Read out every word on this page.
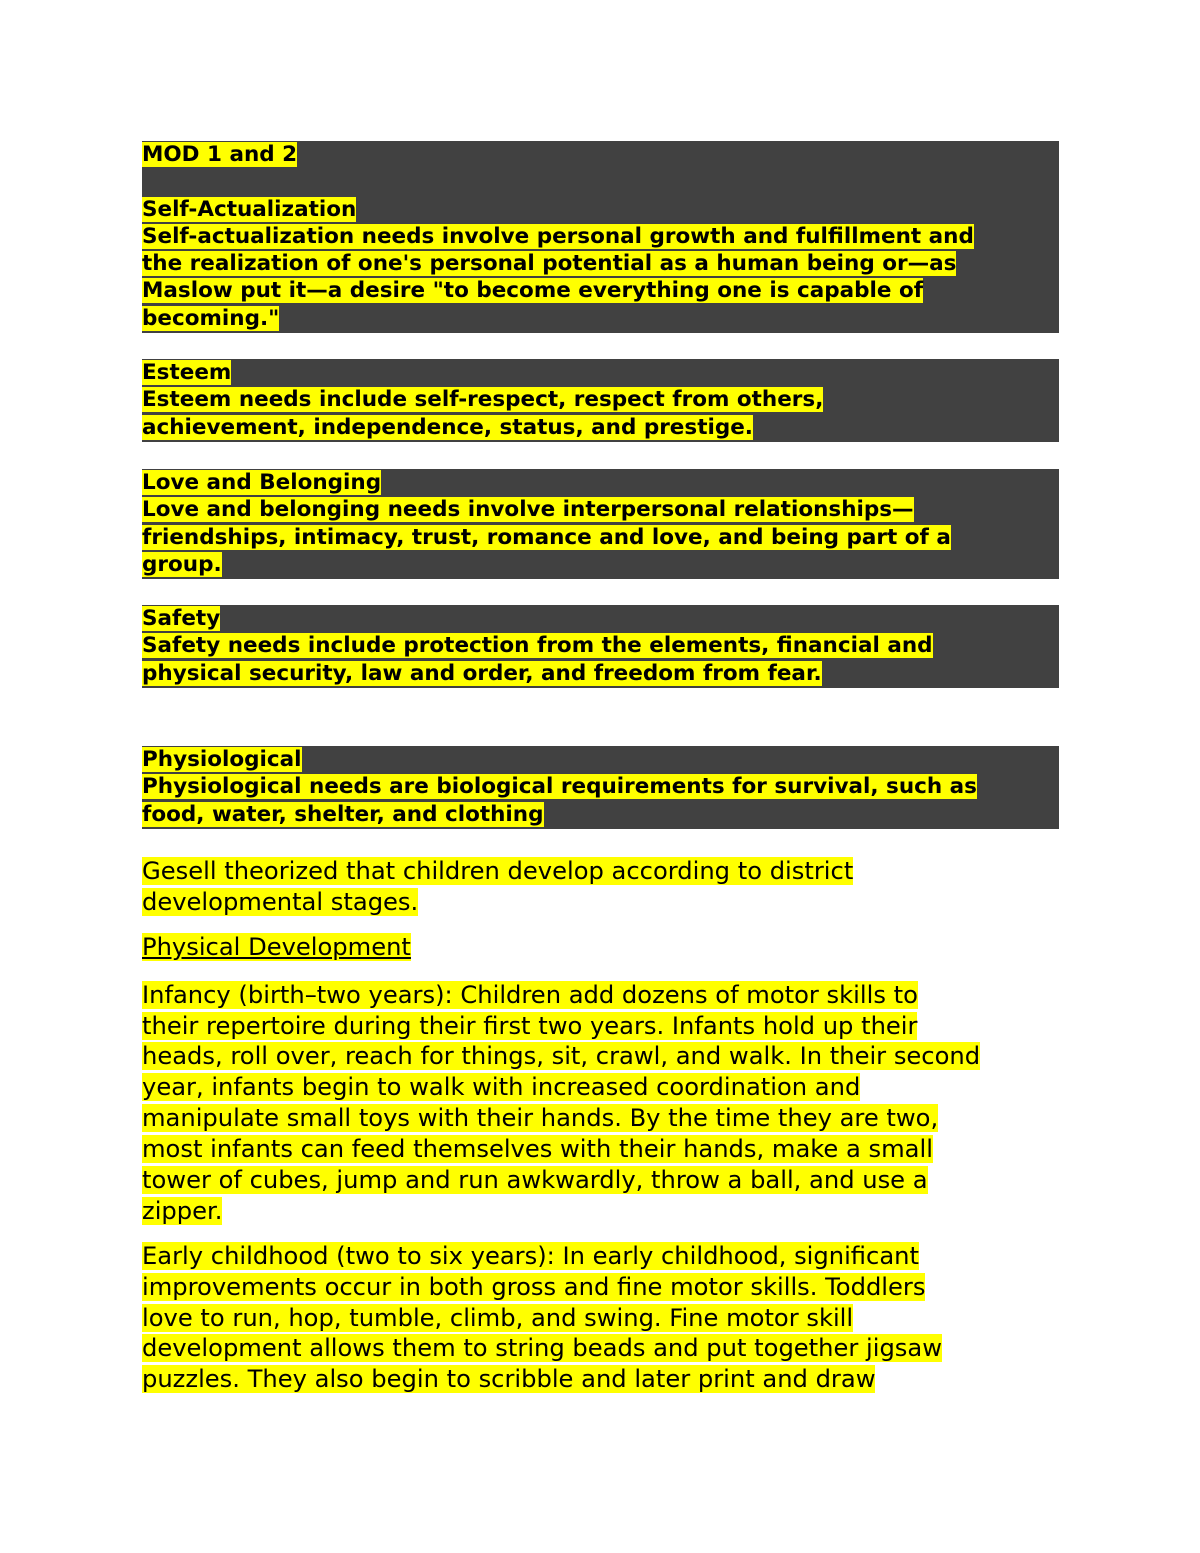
MOD 1 and 2
Self-Actualization
Self-actualization needs involve personal growth and fulfillment and
the realization of one's personal potential as a human being or—as
Maslow put it—a desire "to become everything one is capable of
becoming."
Esteem
Esteem needs include self-respect, respect from others,
achievement, independence, status, and prestige.
Love and Belonging
Love and belonging needs involve interpersonal relationships—
friendships, intimacy, trust, romance and love, and being part of a
group.
Safety
Safety needs include protection from the elements, financial and
physical security, law and order, and freedom from fear.
Physiological
Physiological needs are biological requirements for survival, such as
food, water, shelter, and clothing
Gesell theorized that children develop according to district
developmental stages.
Physical Development
Infancy (birth–two years): Children add dozens of motor skills to
their repertoire during their first two years. Infants hold up their
heads, roll over, reach for things, sit, crawl, and walk. In their second
year, infants begin to walk with increased coordination and
manipulate small toys with their hands. By the time they are two,
most infants can feed themselves with their hands, make a small
tower of cubes, jump and run awkwardly, throw a ball, and use a
zipper.
Early childhood (two to six years): In early childhood, significant
improvements occur in both gross and fine motor skills. Toddlers
love to run, hop, tumble, climb, and swing. Fine motor skill
development allows them to string beads and put together jigsaw
puzzles. They also begin to scribble and later print and draw
